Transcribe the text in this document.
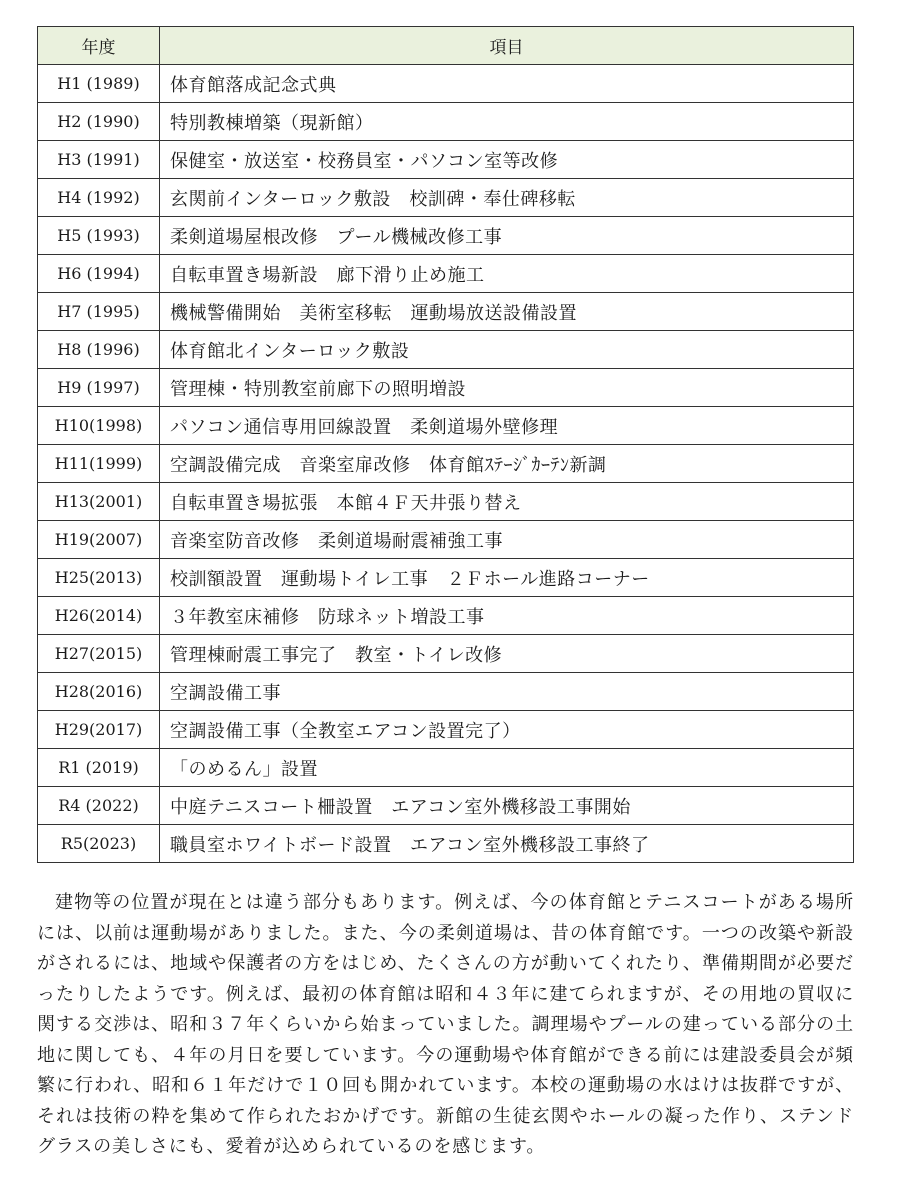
年度	項目
H1 (1989)	体育館落成記念式典
H2 (1990)	特別教棟増築（現新館）
H3 (1991)	保健室・放送室・校務員室・パソコン室等改修
H4 (1992)	玄関前インターロック敷設　校訓碑・奉仕碑移転
H5 (1993)	柔剣道場屋根改修　プール機械改修工事
H6 (1994)	自転車置き場新設　廊下滑り止め施工
H7 (1995)	機械警備開始　美術室移転　運動場放送設備設置
H8 (1996)	体育館北インターロック敷設
H9 (1997)	管理棟・特別教室前廊下の照明増設
H10(1998)	パソコン通信専用回線設置　柔剣道場外壁修理
H11(1999)	空調設備完成　音楽室扉改修　体育館ｽﾃｰｼﾞｶｰﾃﾝ新調
H13(2001)	自転車置き場拡張　本館４Ｆ天井張り替え
H19(2007)	音楽室防音改修　柔剣道場耐震補強工事
H25(2013)	校訓額設置　運動場トイレ工事　２Ｆホール進路コーナー
H26(2014)	３年教室床補修　防球ネット増設工事
H27(2015)	管理棟耐震工事完了　教室・トイレ改修
H28(2016)	空調設備工事
H29(2017)	空調設備工事（全教室エアコン設置完了）
R1 (2019)	「のめるん」設置
R4 (2022)	中庭テニスコート柵設置　エアコン室外機移設工事開始
R5(2023)	職員室ホワイトボード設置　エアコン室外機移設工事終了
建物等の位置が現在とは違う部分もあります。例えば、今の体育館とテニスコートがある場所には、以前は運動場がありました。また、今の柔剣道場は、昔の体育館です。一つの改築や新設がされるには、地域や保護者の方をはじめ、たくさんの方が動いてくれたり、準備期間が必要だったりしたようです。例えば、最初の体育館は昭和４３年に建てられますが、その用地の買収に関する交渉は、昭和３７年くらいから始まっていました。調理場やプールの建っている部分の土地に関しても、４年の月日を要しています。今の運動場や体育館ができる前には建設委員会が頻繁に行われ、昭和６１年だけで１０回も開かれています。本校の運動場の水はけは抜群ですが、それは技術の粋を集めて作られたおかげです。新館の生徒玄関やホールの凝った作り、ステンドグラスの美しさにも、愛着が込められているのを感じます。
